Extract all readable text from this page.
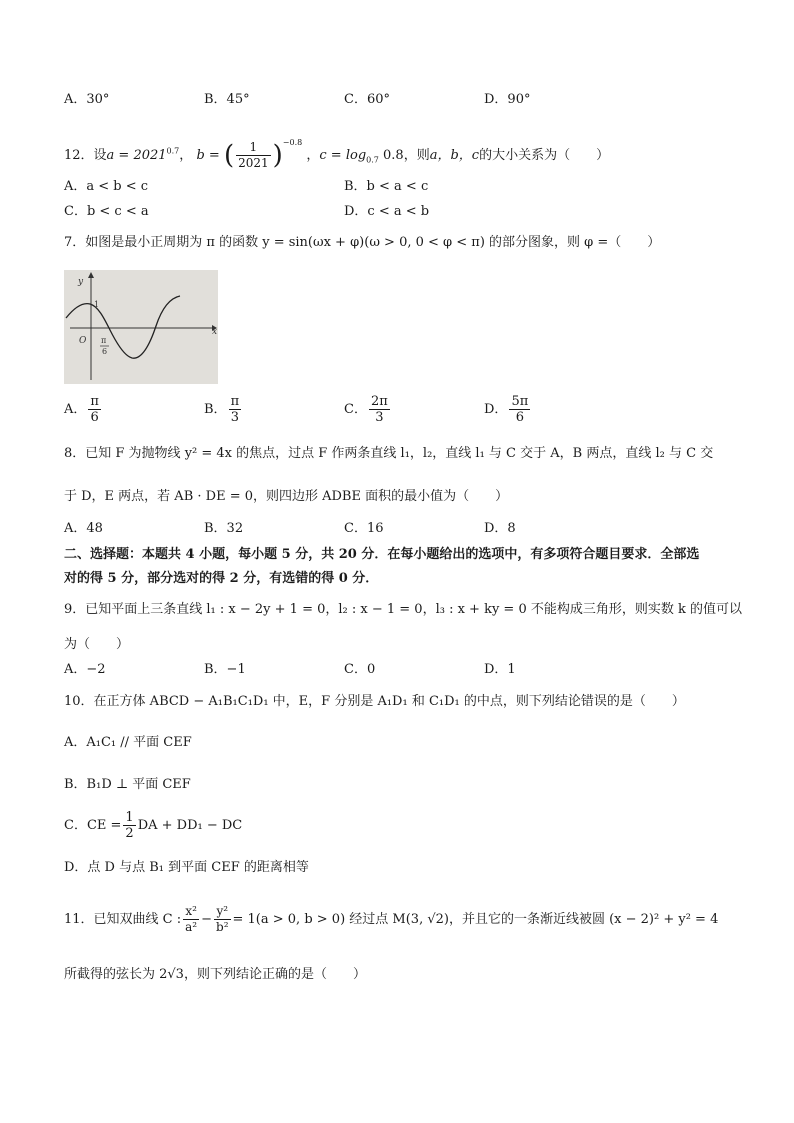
A．30°	B．45°	C．60°	D．90°
12．设$a = 2021^{0.7}$， b = ( $\frac{1}{2021} )^{-0.8}$ ，$c = \log_{0.7} 0.8$，则a，b，c的大小关系为（　　）
A．a < b < c	B．b < a < c
C．b < c < a	D．c < a < b
7．如图是最小正周期为 π 的函数 y = sin(ωx + φ)(ω > 0, 0 < φ < π) 的部分图象，则 φ =（　　）
y
x
1
O π
6
A． $\frac{\pi}{6}$	B． $\frac{\pi}{3}$	C． $\frac{2\pi}{3}$	D． $\frac{5\pi}{6}$
8．已知 F 为抛物线 y² = 4x 的焦点，过点 F 作两条直线 l₁，l₂，直线 l₁ 与 C 交于 A，B 两点，直线 l₂ 与 C 交
于 D，E 两点，若 AB · DE = 0，则四边形 ADBE 面积的最小值为（　　）
A．48	B．32	C．16	D．8
二、选择题：本题共 4 小题，每小题 5 分，共 20 分．在每小题给出的选项中，有多项符合题目要求．全部选
对的得 5 分，部分选对的得 2 分，有选错的得 0 分．
9．已知平面上三条直线 l₁ : x − 2y + 1 = 0，l₂ : x − 1 = 0，l₃ : x + ky = 0 不能构成三角形，则实数 k 的值可以
为（　　）
A．−2	B．−1	C．0	D．1
10．在正方体 ABCD − A₁B₁C₁D₁ 中，E，F 分别是 A₁D₁ 和 C₁D₁ 的中点，则下列结论错误的是（　　）
A．A₁C₁ // 平面 CEF
B．B₁D ⊥ 平面 CEF
C．CE = $\frac{1}{2}$ DA + DD₁ − DC
D．点 D 与点 B₁ 到平面 CEF 的距离相等
11．已知双曲线 C : $\frac{\text{x²}}{\text{a²}} - \frac{\text{y²}}{\text{b²}} = 1(a > 0$, b > 0) 经过点 M(3, √2)，并且它的一条渐近线被圆 (x − 2)² + y² = 4
所截得的弦长为 2√3，则下列结论正确的是（　　）
